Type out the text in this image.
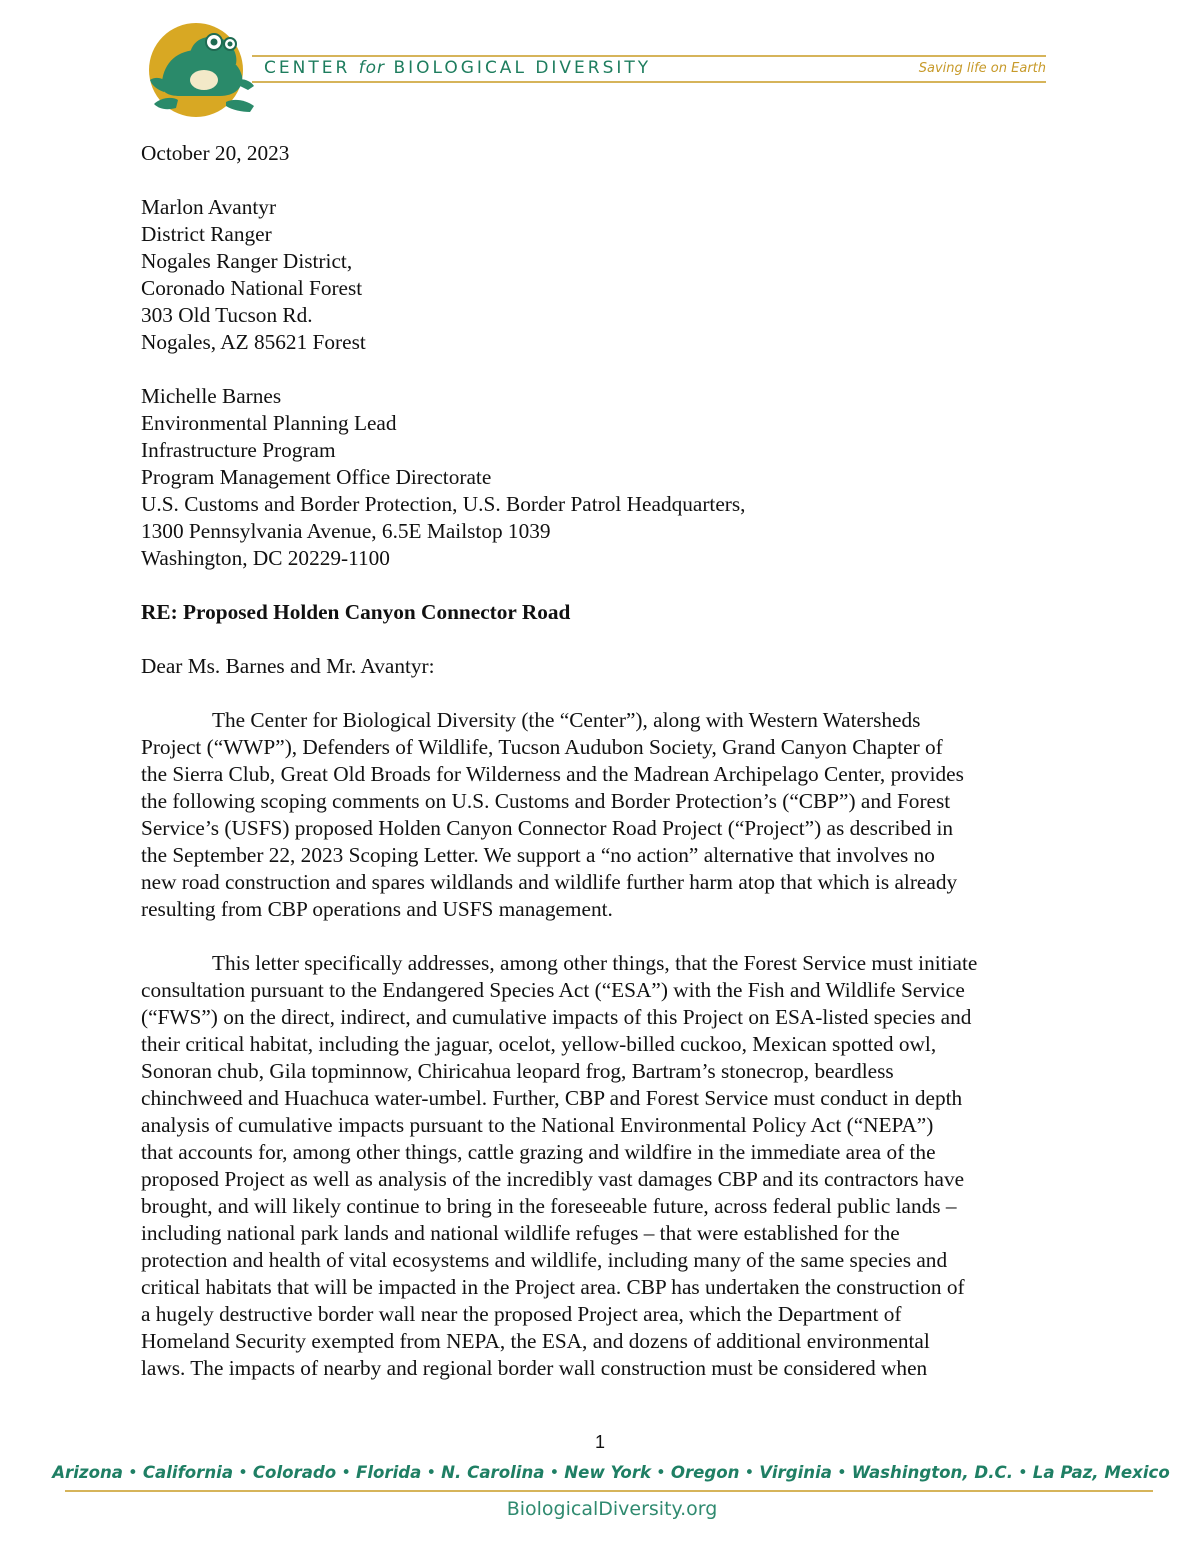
CENTER for BIOLOGICAL DIVERSITY	Saving life on Earth
October 20, 2023
Marlon Avantyr
District Ranger
Nogales Ranger District,
Coronado National Forest
303 Old Tucson Rd.
Nogales, AZ 85621 Forest
Michelle Barnes
Environmental Planning Lead
Infrastructure Program
Program Management Office Directorate
U.S. Customs and Border Protection, U.S. Border Patrol Headquarters,
1300 Pennsylvania Avenue, 6.5E Mailstop 1039
Washington, DC 20229-1100
RE: Proposed Holden Canyon Connector Road
Dear Ms. Barnes and Mr. Avantyr:
The Center for Biological Diversity (the “Center”), along with Western Watersheds
Project (“WWP”), Defenders of Wildlife, Tucson Audubon Society, Grand Canyon Chapter of
the Sierra Club, Great Old Broads for Wilderness and the Madrean Archipelago Center, provides
the following scoping comments on U.S. Customs and Border Protection’s (“CBP”) and Forest
Service’s (USFS) proposed Holden Canyon Connector Road Project (“Project”) as described in
the September 22, 2023 Scoping Letter. We support a “no action” alternative that involves no
new road construction and spares wildlands and wildlife further harm atop that which is already
resulting from CBP operations and USFS management.
This letter specifically addresses, among other things, that the Forest Service must initiate
consultation pursuant to the Endangered Species Act (“ESA”) with the Fish and Wildlife Service
(“FWS”) on the direct, indirect, and cumulative impacts of this Project on ESA-listed species and
their critical habitat, including the jaguar, ocelot, yellow-billed cuckoo, Mexican spotted owl,
Sonoran chub, Gila topminnow, Chiricahua leopard frog, Bartram’s stonecrop, beardless
chinchweed and Huachuca water-umbel. Further, CBP and Forest Service must conduct in depth
analysis of cumulative impacts pursuant to the National Environmental Policy Act (“NEPA”)
that accounts for, among other things, cattle grazing and wildfire in the immediate area of the
proposed Project as well as analysis of the incredibly vast damages CBP and its contractors have
brought, and will likely continue to bring in the foreseeable future, across federal public lands –
including national park lands and national wildlife refuges – that were established for the
protection and health of vital ecosystems and wildlife, including many of the same species and
critical habitats that will be impacted in the Project area. CBP has undertaken the construction of
a hugely destructive border wall near the proposed Project area, which the Department of
Homeland Security exempted from NEPA, the ESA, and dozens of additional environmental
laws. The impacts of nearby and regional border wall construction must be considered when
1
Arizona • California • Colorado • Florida • N. Carolina • New York • Oregon • Virginia • Washington, D.C. • La Paz, Mexico
BiologicalDiversity.org
